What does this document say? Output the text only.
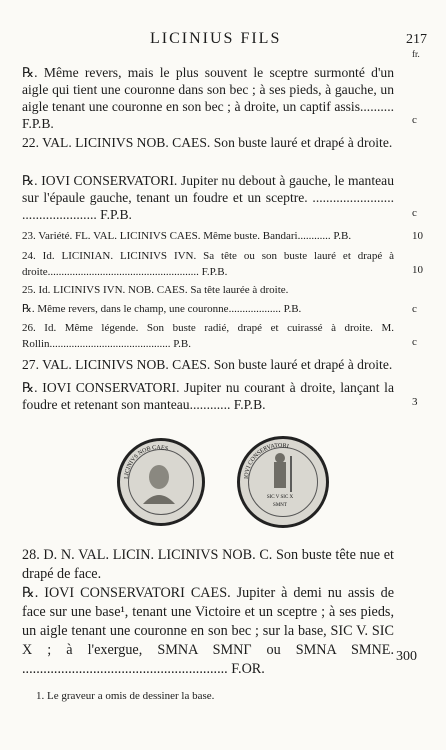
LICINIUS FILS	217
fr.
℞. Même revers, mais le plus souvent le sceptre surmonté d'un aigle qui tient une couronne dans son bec ; à ses pieds, à gauche, un aigle tenant une couronne en son bec ; à droite, un captif assis.......... F.P.B.	c
22. VAL. LICINIVS NOB. CAES. Son buste lauré et drapé à droite.
℞. IOVI CONSERVATORI. Jupiter nu debout à gauche, le manteau sur l'épaule gauche, tenant un foudre et un sceptre. ........................ ...................... F.P.B.	c
23. Variété. FL. VAL. LICINIVS CAES. Même buste. Bandari............ P.B.	10
24. Id. LICINIAN. LICINIVS IVN. Sa tête ou son buste lauré et drapé à droite....................................................... F.P.B.	10
25. Id. LICINIVS IVN. NOB. CAES. Sa tête laurée à droite.
℞. Même revers, dans le champ, une couronne................... P.B.	c
26. Id. Même légende. Son buste radié, drapé et cuirassé à droite. M. Rollin............................................ P.B.	c
27. VAL. LICINIVS NOB. CAES. Son buste lauré et drapé à droite.
℞. IOVI CONSERVATORI. Jupiter nu courant à droite, lançant la foudre et retenant son manteau............ F.P.B.	3
LICINIVS NOB CAES
IOVI CONSERVATORI
SIC V SIC X
SMNT
28. D. N. VAL. LICIN. LICINIVS NOB. C. Son buste tête nue et drapé de face.
℞. IOVI CONSERVATORI CAES. Jupiter à demi nu assis de face sur une base¹, tenant une Victoire et un sceptre ; à ses pieds, un aigle tenant une couronne en son bec ; sur la base, SIC V. SIC X ; à l'exergue, SMNA SMNΓ ou SMNA SMNΕ. .......................................................... F.OR.
300
1. Le graveur a omis de dessiner la base.
